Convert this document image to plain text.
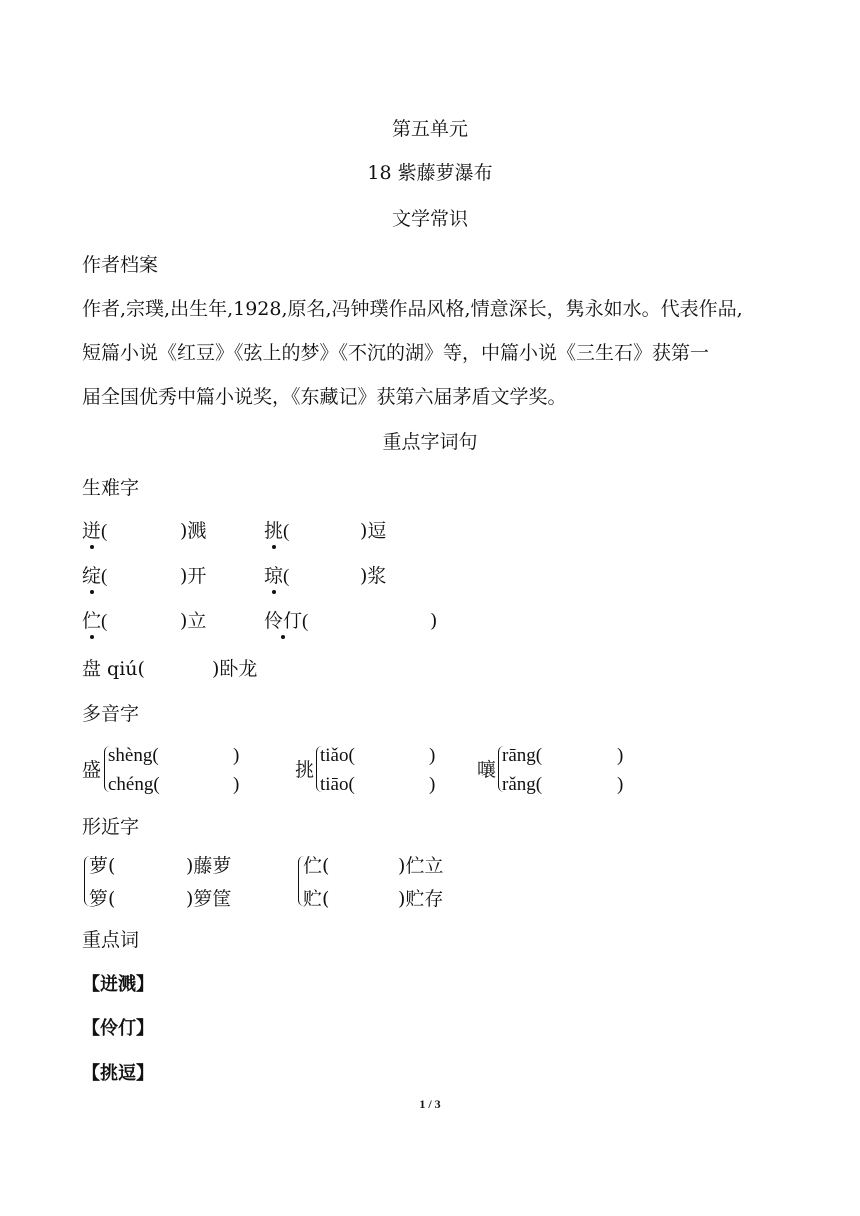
第五单元
18 紫藤萝瀑布
文学常识
作者档案
作者,宗璞,出生年,1928,原名,冯钟璞作品风格,情意深长，隽永如水。代表作品,
短篇小说《红豆》《弦上的梦》《不沉的湖》等，中篇小说《三生石》获第一
届全国优秀中篇小说奖，《东藏记》获第六届茅盾文学奖。
重点字词句
生难字
迸(	)溅	挑(	)逗
绽(	)开	琼(	)浆
伫(	)立	伶仃(	)
盘 qiú(	)卧龙
多音字
盛
shèng(	)
chéng(	)
挑
tiǎo(	)
tiāo(	)
嚷
rāng(	)
rǎng(	)
形近字
萝(	)藤萝
箩(	)箩筐
伫(	)伫立
贮(	)贮存
重点词
【迸溅】
【伶仃】
【挑逗】
1 / 3
